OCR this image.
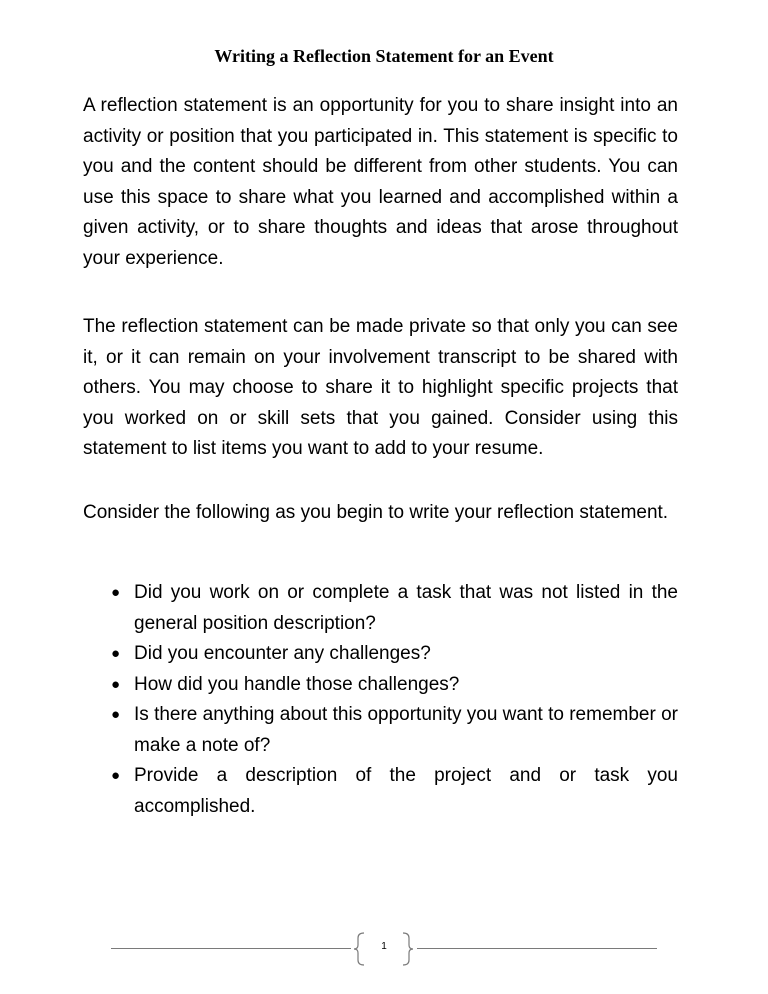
Writing a Reflection Statement for an Event

A reflection statement is an opportunity for you to share insight into an activity or position that you participated in. This statement is specific to you and the content should be different from other students. You can use this space to share what you learned and accomplished within a given activity, or to share thoughts and ideas that arose throughout your experience.

The reflection statement can be made private so that only you can see it, or it can remain on your involvement transcript to be shared with others. You may choose to share it to highlight specific projects that you worked on or skill sets that you gained. Consider using this statement to list items you want to add to your resume.

Consider the following as you begin to write your reflection statement.

● Did you work on or complete a task that was not listed in the general position description?
● Did you encounter any challenges?
● How did you handle those challenges?
● Is there anything about this opportunity you want to remember or make a note of?
● Provide a description of the project and or task you accomplished.
1
